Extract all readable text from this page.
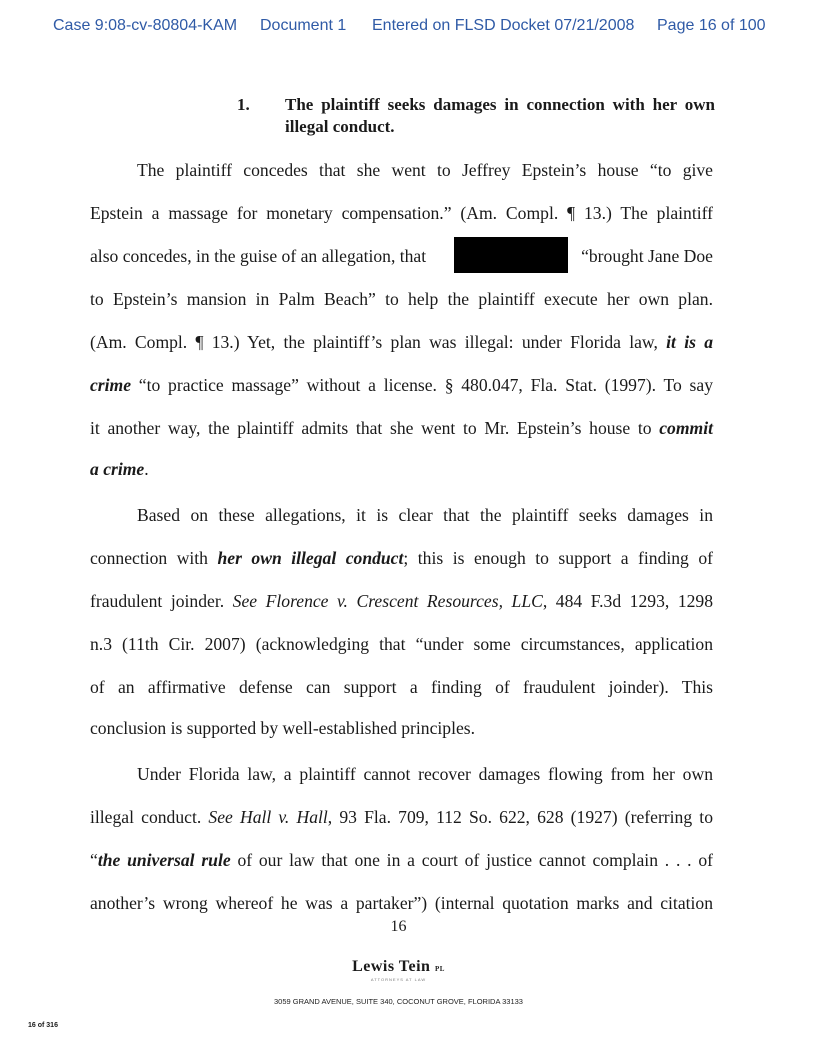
Case 9:08-cv-80804-KAM Document 1 Entered on FLSD Docket 07/21/2008 Page 16 of 100
1. The plaintiff seeks damages in connection with her own illegal conduct.
The plaintiff concedes that she went to Jeffrey Epstein’s house “to give
Epstein a massage for monetary compensation.” (Am. Compl. ¶ 13.) The plaintiff
also concedes, in the guise of an allegation, that
to Epstein’s mansion in Palm Beach” to help the plaintiff execute her own plan.
(Am. Compl. ¶ 13.) Yet, the plaintiff’s plan was illegal: under Florida law, it is a
crime “to practice massage” without a license. § 480.047, Fla. Stat. (1997). To say
it another way, the plaintiff admits that she went to Mr. Epstein’s house to commit
a crime.
Based on these allegations, it is clear that the plaintiff seeks damages in
connection with her own illegal conduct; this is enough to support a finding of
fraudulent joinder. See Florence v. Crescent Resources, LLC, 484 F.3d 1293, 1298
n.3 (11th Cir. 2007) (acknowledging that “under some circumstances, application
of an affirmative defense can support a finding of fraudulent joinder). This
conclusion is supported by well-established principles.
Under Florida law, a plaintiff cannot recover damages flowing from her own
illegal conduct. See Hall v. Hall, 93 Fla. 709, 112 So. 622, 628 (1927) (referring to
“the universal rule of our law that one in a court of justice cannot complain . . . of
another’s wrong whereof he was a partaker”) (internal quotation marks and citation
“brought Jane Doe
16
Lewis Tein PL
ATTORNEYS AT LAW
3059 GRAND AVENUE, SUITE 340, COCONUT GROVE, FLORIDA 33133
16 of 316
